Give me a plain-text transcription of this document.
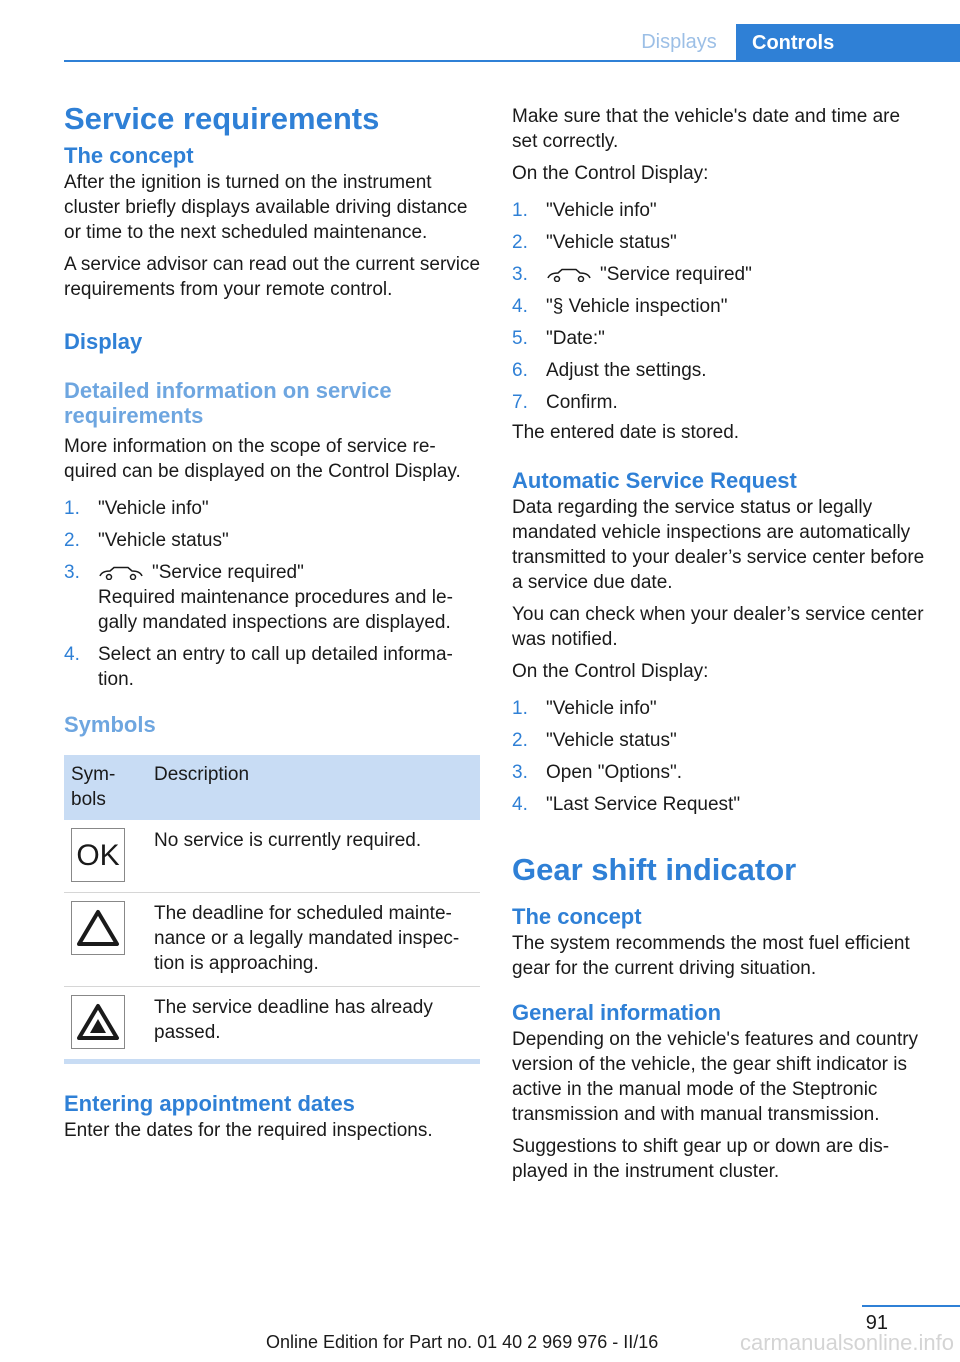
Displays	Controls
Service requirements
The concept

After the ignition is turned on the instrument cluster briefly displays available driving distance or time to the next scheduled maintenance.

A service advisor can read out the current service requirements from your remote control.

Display
Detailed information on service requirements

More information on the scope of service required can be displayed on the Control Display.

1. "Vehicle info"
2. "Vehicle status"
3.	"Service required"
Required maintenance procedures and legally mandated inspections are displayed.
4. Select an entry to call up detailed information.
Symbols
Symbols	Description

OK	No service is currently required.

	The deadline for scheduled maintenance or a legally mandated inspection is approaching.

	The service deadline has already passed.
Entering appointment dates

Enter the dates for the required inspections.

Make sure that the vehicle's date and time are set correctly.

On the Control Display:

1. "Vehicle info"
2. "Vehicle status"
3.	"Service required"
4. "§ Vehicle inspection"
5. "Date:"
6. Adjust the settings.
7. Confirm.

The entered date is stored.

Automatic Service Request

Data regarding the service status or legally mandated vehicle inspections are automatically transmitted to your dealer’s service center before a service due date.

You can check when your dealer’s service center was notified.

On the Control Display:

1. "Vehicle info"
2. "Vehicle status"
3. Open "Options".
4. "Last Service Request"
Gear shift indicator
The concept

The system recommends the most fuel efficient gear for the current driving situation.

General information

Depending on the vehicle's features and country version of the vehicle, the gear shift indicator is active in the manual mode of the Steptronic transmission and with manual transmission.

Suggestions to shift gear up or down are displayed in the instrument cluster.

91
Online Edition for Part no. 01 40 2 969 976 - II/16	carmanualsonline.info
